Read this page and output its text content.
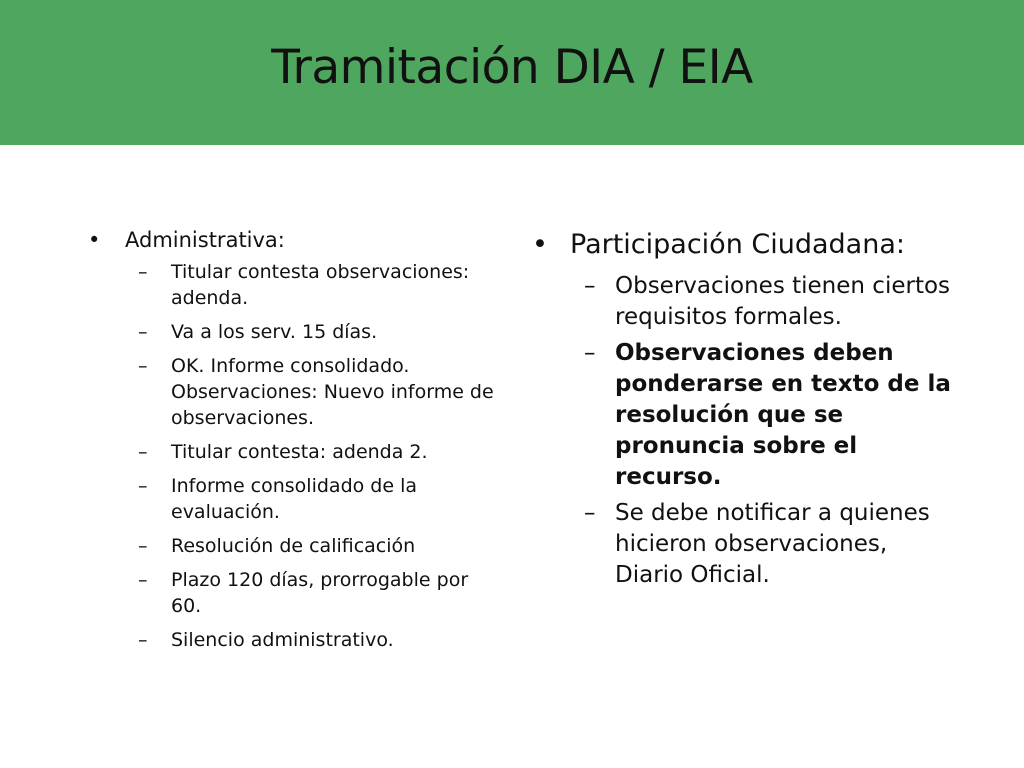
Tramitación DIA / EIA
• Administrativa:
– Titular contesta observaciones: adenda.
– Va a los serv. 15 días.
– OK. Informe consolidado. Observaciones: Nuevo informe de observaciones.
– Titular contesta: adenda 2.
– Informe consolidado de la evaluación.
– Resolución de calificación
– Plazo 120 días, prorrogable por 60.
– Silencio administrativo.
• Participación Ciudadana:
– Observaciones tienen ciertos requisitos formales.
– Observaciones deben ponderarse en texto de la resolución que se pronuncia sobre el recurso.
– Se debe notificar a quienes hicieron observaciones, Diario Oficial.
